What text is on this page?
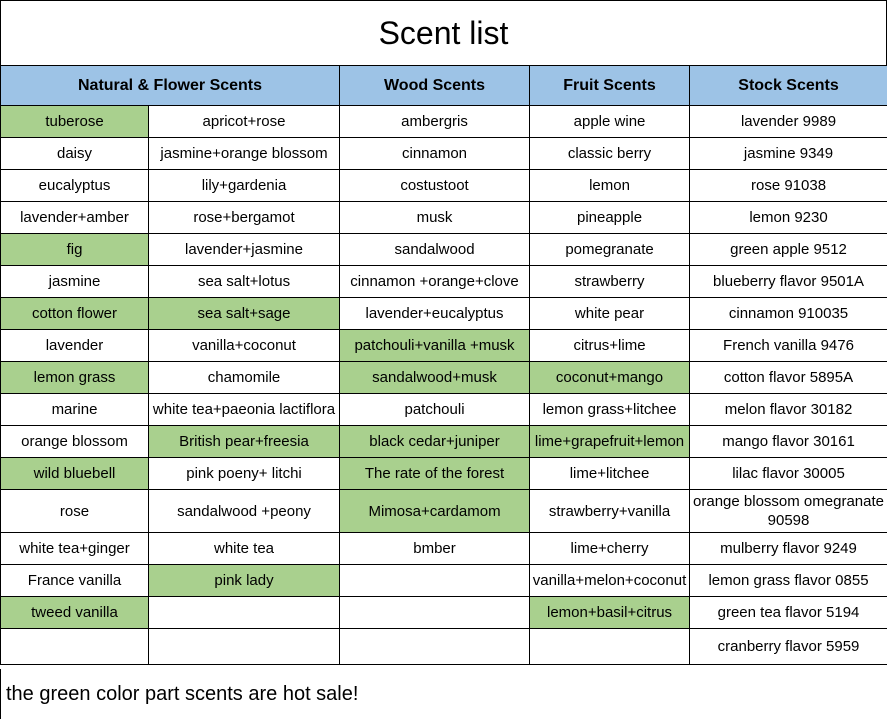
Scent list
Natural & Flower Scents		Wood Scents	Fruit Scents	Stock Scents
tuberose	apricot+rose	ambergris	apple wine	lavender 9989
daisy	jasmine+orange blossom	cinnamon	classic berry	jasmine 9349
eucalyptus	lily+gardenia	costustoot	lemon	rose 91038
lavender+amber	rose+bergamot	musk	pineapple	lemon 9230
fig	lavender+jasmine	sandalwood	pomegranate	green apple 9512
jasmine	sea salt+lotus	cinnamon +orange+clove	strawberry	blueberry flavor 9501A
cotton flower	sea salt+sage	lavender+eucalyptus	white pear	cinnamon 910035
lavender	vanilla+coconut	patchouli+vanilla +musk	citrus+lime	French vanilla 9476
lemon grass	chamomile	sandalwood+musk	coconut+mango	cotton flavor 5895A
marine	white tea+paeonia lactiflora	patchouli	lemon grass+litchee	melon flavor 30182
orange blossom	British pear+freesia	black cedar+juniper	lime+grapefruit+lemon	mango flavor 30161
wild bluebell	pink poeny+ litchi	The rate of the forest	lime+litchee	lilac flavor 30005
rose	sandalwood +peony	Mimosa+cardamom	strawberry+vanilla	orange blossom omegranate 90598
white tea+ginger	white tea	bmber	lime+cherry	mulberry flavor 9249
France vanilla	pink lady		vanilla+melon+coconut	lemon grass flavor 0855
tweed vanilla			lemon+basil+citrus	green tea flavor 5194
				cranberry flavor 5959
the green color part scents are hot sale!
